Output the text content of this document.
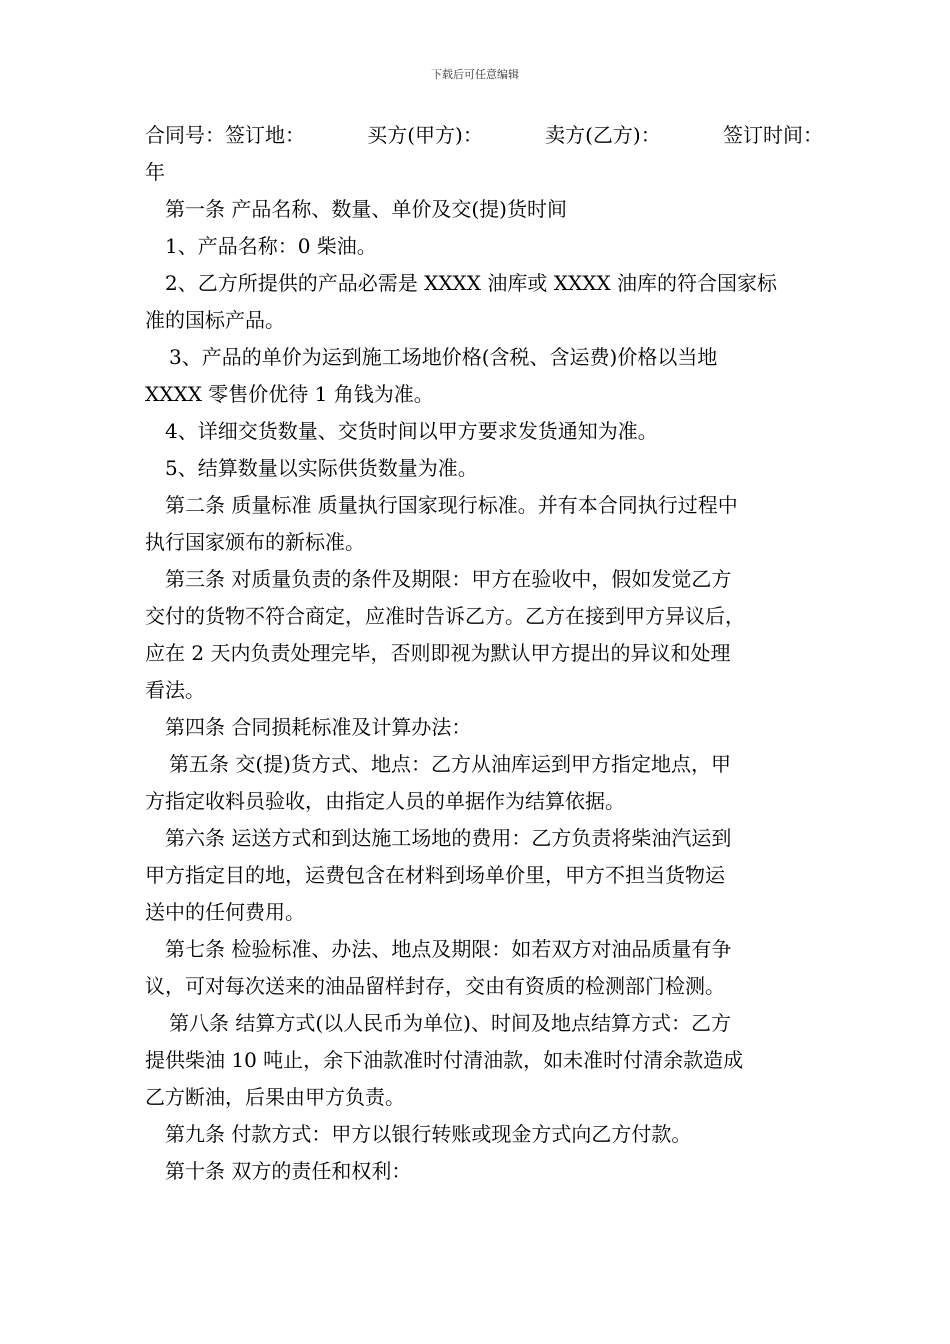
下载后可任意编辑
合同号：签订地：	买方(甲方)：	卖方(乙方)：	签订时间：
年
第一条 产品名称、数量、单价及交(提)货时间
1、产品名称：0 柴油。
2、乙方所提供的产品必需是 XXXX 油库或 XXXX 油库的符合国家标
准的国标产品。
3、产品的单价为运到施工场地价格(含税、含运费)价格以当地
XXXX 零售价优待 1 角钱为准。
4、详细交货数量、交货时间以甲方要求发货通知为准。
5、结算数量以实际供货数量为准。
第二条 质量标准 质量执行国家现行标准。并有本合同执行过程中
执行国家颁布的新标准。
第三条 对质量负责的条件及期限：甲方在验收中，假如发觉乙方
交付的货物不符合商定，应准时告诉乙方。乙方在接到甲方异议后，
应在 2 天内负责处理完毕，否则即视为默认甲方提出的异议和处理
看法。
第四条 合同损耗标准及计算办法：
第五条 交(提)货方式、地点：乙方从油库运到甲方指定地点，甲
方指定收料员验收，由指定人员的单据作为结算依据。
第六条 运送方式和到达施工场地的费用：乙方负责将柴油汽运到
甲方指定目的地，运费包含在材料到场单价里，甲方不担当货物运
送中的任何费用。
第七条 检验标准、办法、地点及期限：如若双方对油品质量有争
议，可对每次送来的油品留样封存，交由有资质的检测部门检测。
第八条 结算方式(以人民币为单位)、时间及地点结算方式：乙方
提供柴油 10 吨止，余下油款准时付清油款，如未准时付清余款造成
乙方断油，后果由甲方负责。
第九条 付款方式：甲方以银行转账或现金方式向乙方付款。
第十条 双方的责任和权利：
